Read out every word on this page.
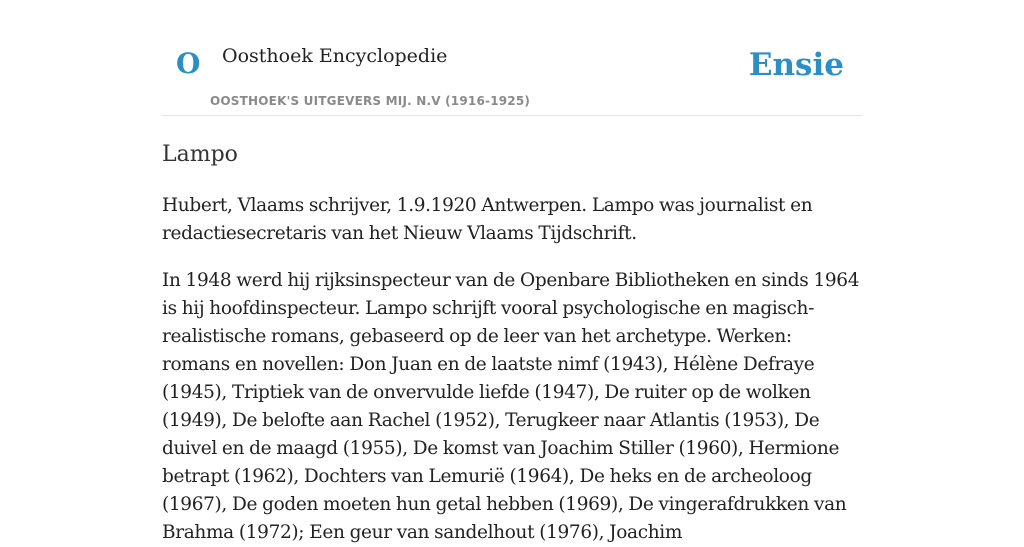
O Oosthoek Encyclopedie
OOSTHOEK'S UITGEVERS MIJ. N.V (1916-1925)
Ensie
Lampo

Hubert, Vlaams schrijver, 1.9.1920 Antwerpen. Lampo was journalist en redactiesecretaris van het Nieuw Vlaams Tijdschrift.

In 1948 werd hij rijksinspecteur van de Openbare Bibliotheken en sinds 1964 is hij hoofdinspecteur. Lampo schrijft vooral psychologische en magisch-realistische romans, gebaseerd op de leer van het archetype. Werken: romans en novellen: Don Juan en de laatste nimf (1943), Hélène Defraye (1945), Triptiek van de onvervulde liefde (1947), De ruiter op de wolken (1949), De belofte aan Rachel (1952), Terugkeer naar Atlantis (1953), De duivel en de maagd (1955), De komst van Joachim Stiller (1960), Hermione betrapt (1962), Dochters van Lemurië (1964), De heks en de archeoloog (1967), De goden moeten hun getal hebben (1969), De vingerafdrukken van Brahma (1972); Een geur van sandelhout (1976), Joachim
